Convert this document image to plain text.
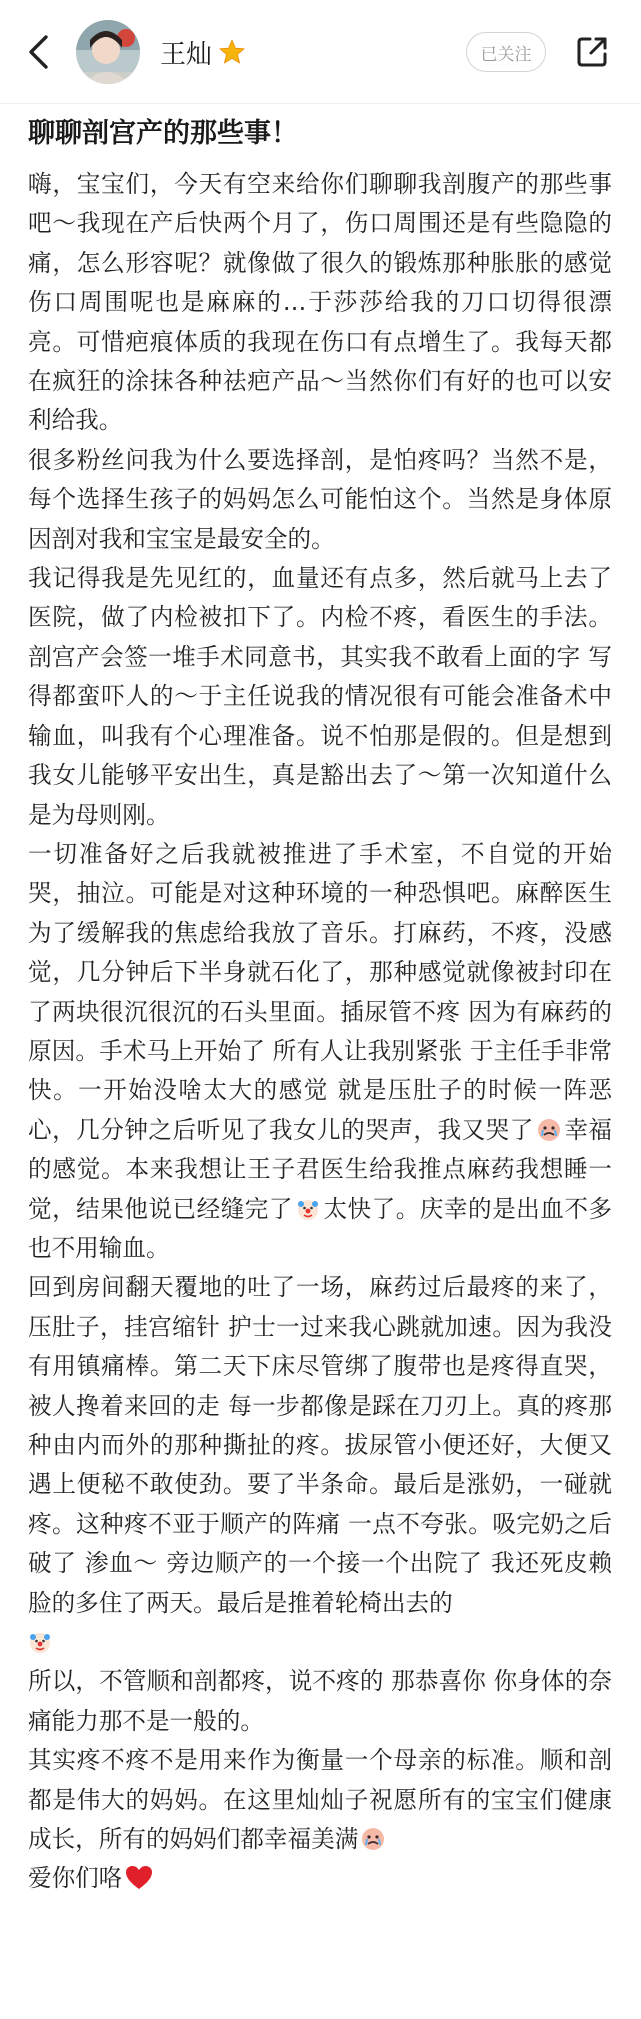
王灿	已关注
聊聊剖宫产的那些事！

嗨，宝宝们，今天有空来给你们聊聊我剖腹产的那些事吧～我现在产后快两个月了，伤口周围还是有些隐隐的痛，怎么形容呢？就像做了很久的锻炼那种胀胀的感觉 伤口周围呢也是麻麻的…于莎莎给我的刀口切得很漂亮。可惜疤痕体质的我现在伤口有点增生了。我每天都在疯狂的涂抹各种祛疤产品～当然你们有好的也可以安利给我。

很多粉丝问我为什么要选择剖，是怕疼吗？当然不是，每个选择生孩子的妈妈怎么可能怕这个。当然是身体原因剖对我和宝宝是最安全的。

我记得我是先见红的，血量还有点多，然后就马上去了医院，做了内检被扣下了。内检不疼，看医生的手法。剖宫产会签一堆手术同意书，其实我不敢看上面的字 写得都蛮吓人的～于主任说我的情况很有可能会准备术中输血，叫我有个心理准备。说不怕那是假的。但是想到我女儿能够平安出生，真是豁出去了～第一次知道什么是为母则刚。

一切准备好之后我就被推进了手术室，不自觉的开始哭，抽泣。可能是对这种环境的一种恐惧吧。麻醉医生为了缓解我的焦虑给我放了音乐。打麻药，不疼，没感觉，几分钟后下半身就石化了，那种感觉就像被封印在了两块很沉很沉的石头里面。插尿管不疼 因为有麻药的原因。手术马上开始了 所有人让我别紧张 于主任手非常快。一开始没啥太大的感觉 就是压肚子的时候一阵恶心，几分钟之后听见了我女儿的哭声，我又哭了 幸福的感觉。本来我想让王子君医生给我推点麻药我想睡一觉，结果他说已经缝完了 太快了。庆幸的是出血不多也不用输血。

回到房间翻天覆地的吐了一场，麻药过后最疼的来了，压肚子，挂宫缩针 护士一过来我心跳就加速。因为我没有用镇痛棒。第二天下床尽管绑了腹带也是疼得直哭，被人搀着来回的走 每一步都像是踩在刀刃上。真的疼那种由内而外的那种撕扯的疼。拔尿管小便还好，大便又遇上便秘不敢使劲。要了半条命。最后是涨奶，一碰就疼。这种疼不亚于顺产的阵痛 一点不夸张。吸完奶之后破了 渗血～ 旁边顺产的一个接一个出院了 我还死皮赖脸的多住了两天。最后是推着轮椅出去的

所以，不管顺和剖都疼，说不疼的 那恭喜你 你身体的奈痛能力那不是一般的。

其实疼不疼不是用来作为衡量一个母亲的标准。顺和剖都是伟大的妈妈。在这里灿灿子祝愿所有的宝宝们健康成长，所有的妈妈们都幸福美满

爱你们咯
